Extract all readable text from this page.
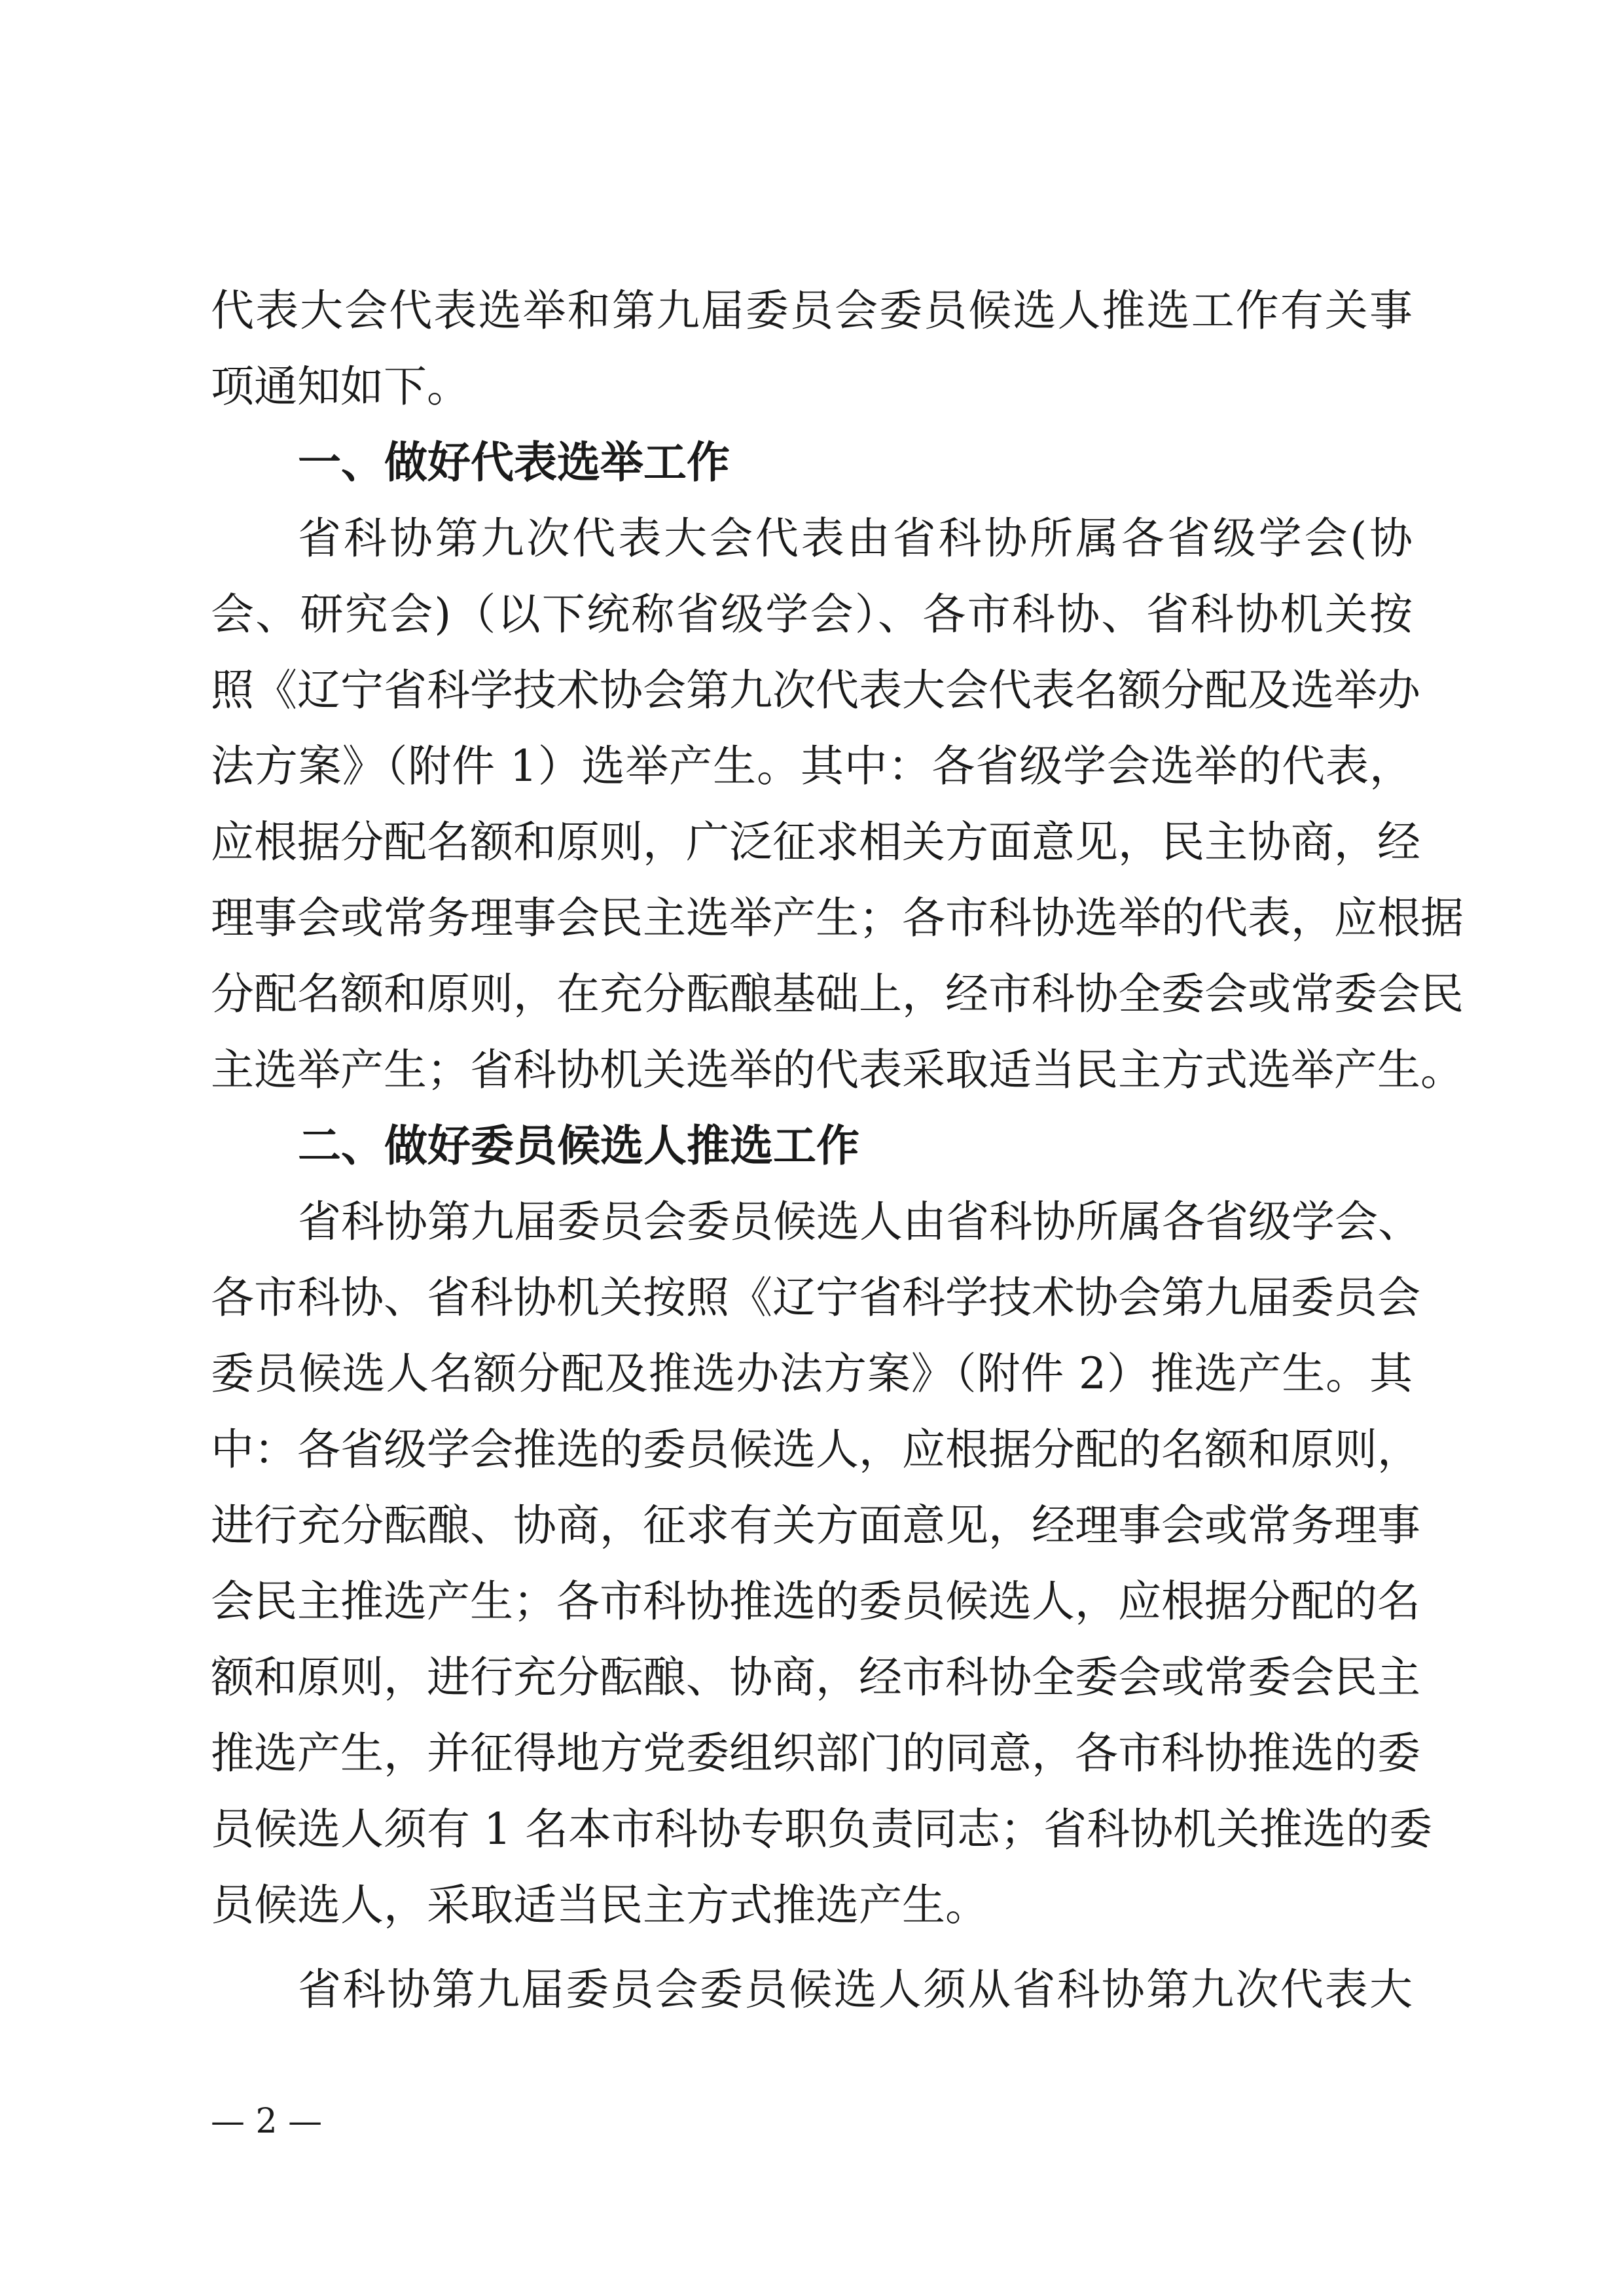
代表大会代表选举和第九届委员会委员候选人推选工作有关事
项通知如下。
一、做好代表选举工作
省科协第九次代表大会代表由省科协所属各省级学会(协
会、研究会)（以下统称省级学会）、各市科协、省科协机关按
照《辽宁省科学技术协会第九次代表大会代表名额分配及选举办
法方案》（附件 1）选举产生。其中：各省级学会选举的代表，
应根据分配名额和原则，广泛征求相关方面意见，民主协商，经
理事会或常务理事会民主选举产生；各市科协选举的代表，应根据
分配名额和原则，在充分酝酿基础上，经市科协全委会或常委会民
主选举产生；省科协机关选举的代表采取适当民主方式选举产生。
二、做好委员候选人推选工作
省科协第九届委员会委员候选人由省科协所属各省级学会、
各市科协、省科协机关按照《辽宁省科学技术协会第九届委员会
委员候选人名额分配及推选办法方案》（附件 2）推选产生。其
中：各省级学会推选的委员候选人，应根据分配的名额和原则，
进行充分酝酿、协商，征求有关方面意见，经理事会或常务理事
会民主推选产生；各市科协推选的委员候选人，应根据分配的名
额和原则，进行充分酝酿、协商，经市科协全委会或常委会民主
推选产生，并征得地方党委组织部门的同意，各市科协推选的委
员候选人须有 1 名本市科协专职负责同志；省科协机关推选的委
员候选人，采取适当民主方式推选产生。
省科协第九届委员会委员候选人须从省科协第九次代表大
— 2 —
